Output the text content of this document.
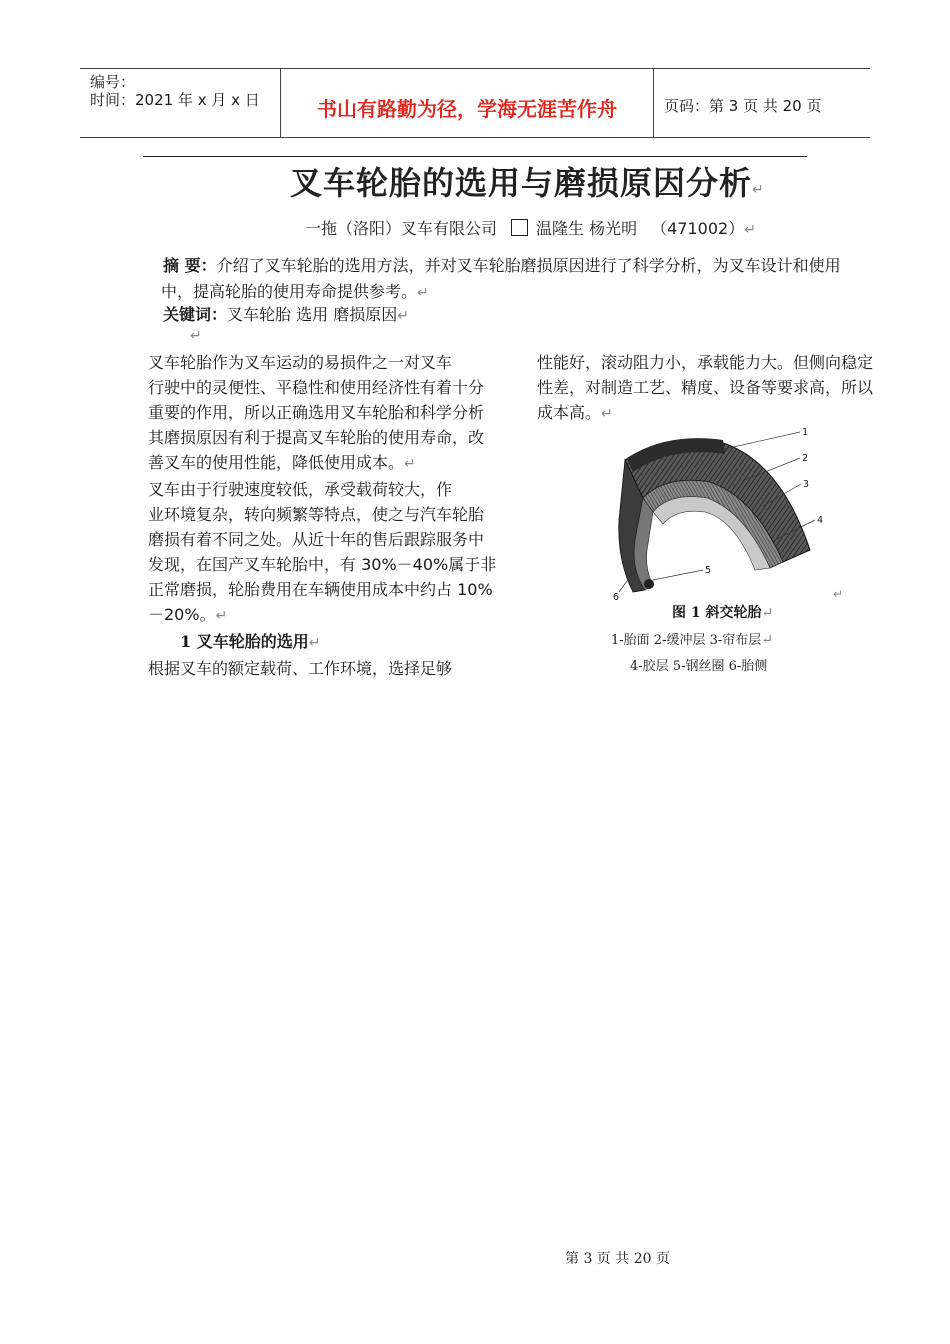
编号：
时间：2021 年 x 月 x 日	书山有路勤为径，学海无涯苦作舟	页码：第 3 页 共 20 页
叉车轮胎的选用与磨损原因分析↵
一拖（洛阳）叉车有限公司 温隆生 杨光明 （471002）↵
摘 要：介绍了叉车轮胎的选用方法，并对叉车轮胎磨损原因进行了科学分析，为叉车设计和使用
中，提高轮胎的使用寿命提供参考。↵
关键词：叉车轮胎 选用 磨损原因↵
↵

叉车轮胎作为叉车运动的易损件之一对叉车

行驶中的灵便性、平稳性和使用经济性有着十分

重要的作用，所以正确选用叉车轮胎和科学分析

其磨损原因有利于提高叉车轮胎的使用寿命，改

善叉车的使用性能，降低使用成本。↵

叉车由于行驶速度较低，承受载荷较大，作

业环境复杂，转向频繁等特点，使之与汽车轮胎

磨损有着不同之处。从近十年的售后跟踪服务中

发现，在国产叉车轮胎中，有 30%－40%属于非

正常磨损，轮胎费用在车辆使用成本中约占 10%

－20%。↵

1 叉车轮胎的选用↵

根据叉车的额定载荷、工作环境，选择足够

性能好，滚动阻力小，承载能力大。但侧向稳定

性差，对制造工艺、精度、设备等要求高，所以

成本高。↵

1
2
3
4
5
6	↵
图 1 斜交轮胎↵
1-胎面 2-缓冲层 3-帘布层↵
4-胶层 5-钢丝圈 6-胎侧
第 3 页 共 20 页
